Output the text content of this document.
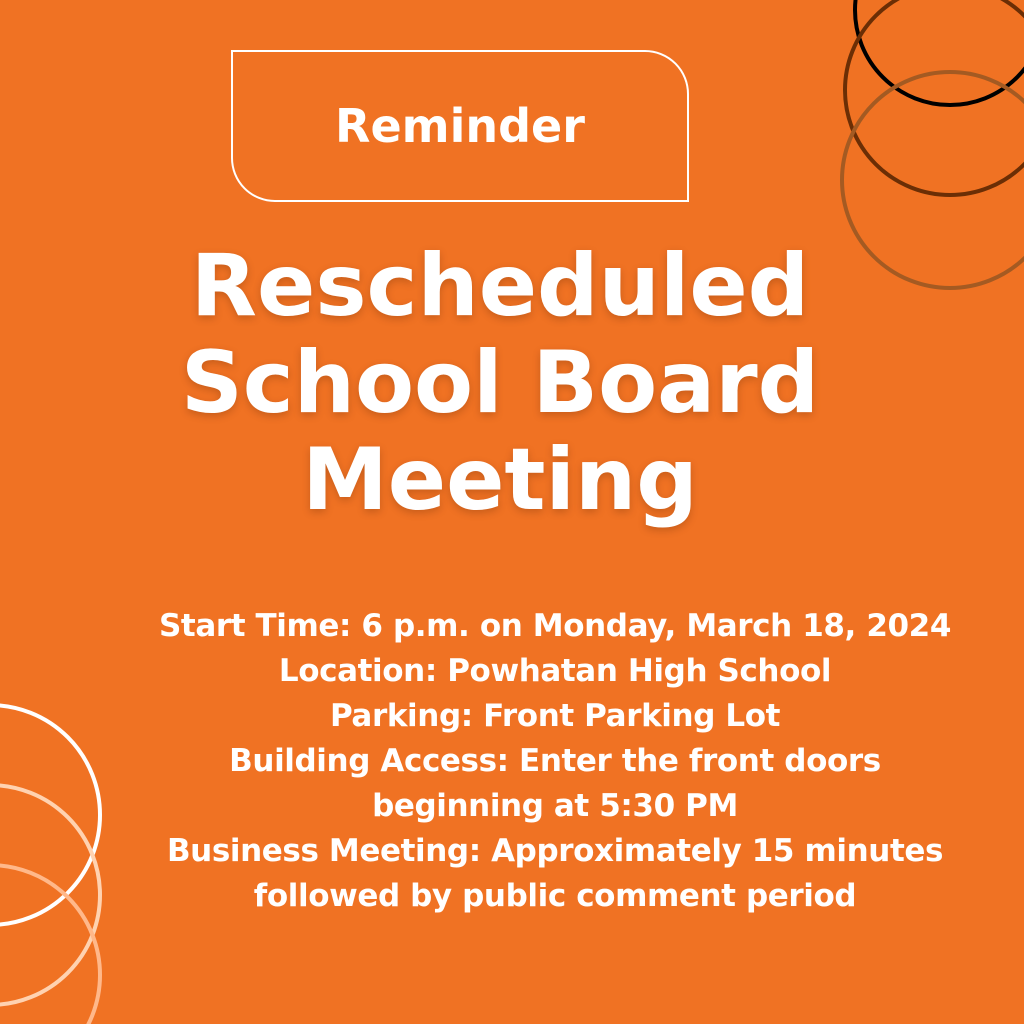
Reminder
Rescheduled
School Board
Meeting
Start Time: 6 p.m. on Monday, March 18, 2024
Location: Powhatan High School
Parking: Front Parking Lot
Building Access: Enter the front doors
beginning at 5:30 PM
Business Meeting: Approximately 15 minutes
followed by public comment period
